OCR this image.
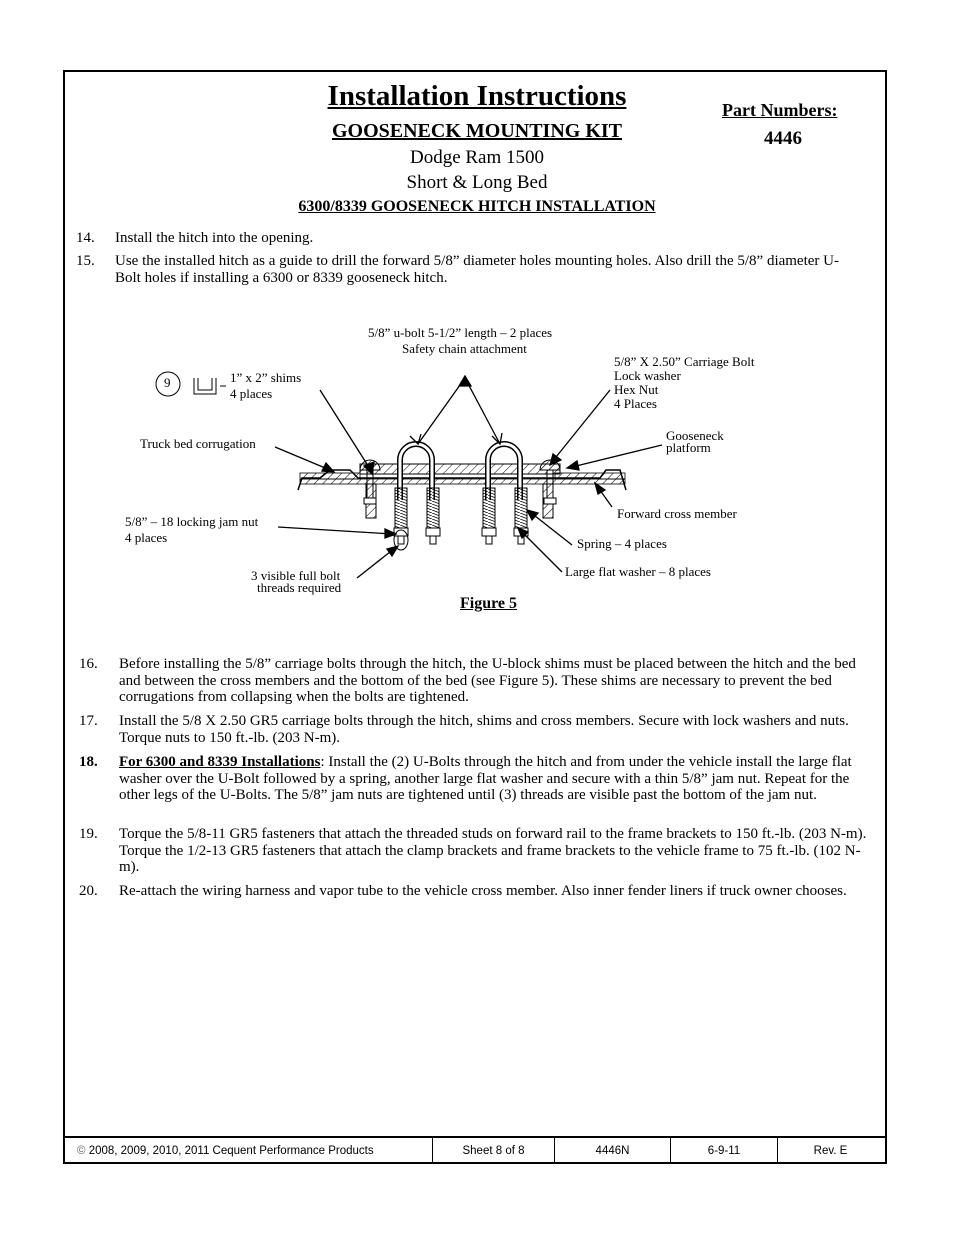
Installation Instructions
GOOSENECK MOUNTING KIT
Dodge Ram 1500
Short & Long Bed
6300/8339 GOOSENECK HITCH INSTALLATION
Part Numbers:
4446
14. Install the hitch into the opening.
15. Use the installed hitch as a guide to drill the forward 5/8” diameter holes mounting holes. Also drill the 5/8” diameter U-Bolt holes if installing a 6300 or 8339 gooseneck hitch.
5/8” u-bolt 5-1/2” length – 2 places
Safety chain attachment
5/8” X 2.50” Carriage Bolt
Lock washer
Hex Nut
4 Places
9	1” x 2” shims
4 places
Truck bed corrugation
Gooseneck
platform
Forward cross member
5/8” – 18 locking jam nut
4 places	Spring – 4 places
Large flat washer – 8 places
3 visible full bolt
threads required
Figure 5
16. Before installing the 5/8” carriage bolts through the hitch, the U-block shims must be placed between the hitch and the bed and between the cross members and the bottom of the bed (see Figure 5). These shims are necessary to prevent the bed corrugations from collapsing when the bolts are tightened.
17. Install the 5/8 X 2.50 GR5 carriage bolts through the hitch, shims and cross members. Secure with lock washers and nuts. Torque nuts to 150 ft.-lb. (203 N-m).
18. For 6300 and 8339 Installations: Install the (2) U-Bolts through the hitch and from under the vehicle install the large flat washer over the U-Bolt followed by a spring, another large flat washer and secure with a thin 5/8” jam nut. Repeat for the other legs of the U-Bolts. The 5/8” jam nuts are tightened until (3) threads are visible past the bottom of the jam nut.
19. Torque the 5/8-11 GR5 fasteners that attach the threaded studs on forward rail to the frame brackets to 150 ft.-lb. (203 N-m). Torque the 1/2-13 GR5 fasteners that attach the clamp brackets and frame brackets to the vehicle frame to 75 ft.-lb. (102 N-m).
20. Re-attach the wiring harness and vapor tube to the vehicle cross member. Also inner fender liners if truck owner chooses.
© 2008, 2009, 2010, 2011 Cequent Performance Products	Sheet 8 of 8	4446N	6-9-11	Rev. E
